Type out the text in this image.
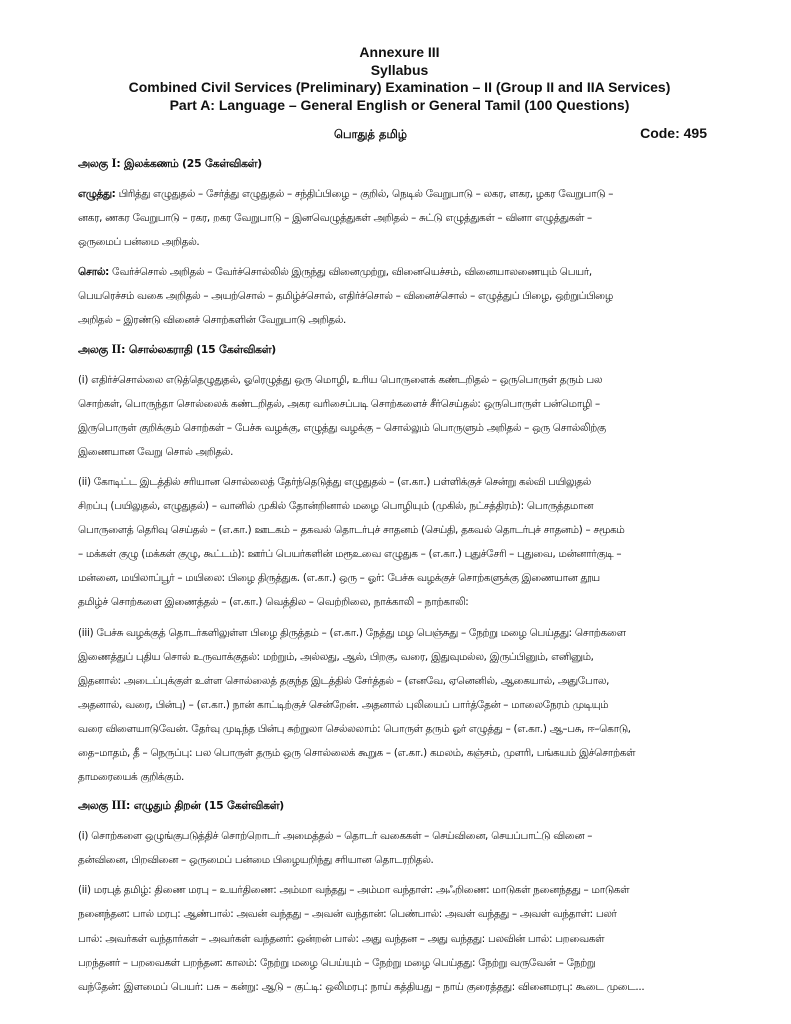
Annexure III
Syllabus
Combined Civil Services (Preliminary) Examination – II (Group II and IIA Services)
Part A: Language – General English or General Tamil (100 Questions)
பொதுத் தமிழ்	Code: 495
அலகு I: இலக்கணம் (25 கேள்விகள்)
எழுத்து: பிரித்து எழுதுதல் – சேர்த்து எழுதுதல் – சந்திப்பிழை – குறில், நெடில் வேறுபாடு – லகர, ளகர, ழகர வேறுபாடு –
னகர, ணகர வேறுபாடு – ரகர, றகர வேறுபாடு – இனவெழுத்துகள் அறிதல் – சுட்டு எழுத்துகள் – வினா எழுத்துகள் –
ஒருமைப் பன்மை அறிதல்.
சொல்: வேர்ச்சொல் அறிதல் – வேர்ச்சொல்லில் இருந்து வினைமுற்று, வினையெச்சம், வினையாலணையும் பெயர்,
பெயரெச்சம் வகை அறிதல் – அயற்சொல் – தமிழ்ச்சொல், எதிர்ச்சொல் – வினைச்சொல் – எழுத்துப் பிழை, ஒற்றுப்பிழை
அறிதல் – இரண்டு வினைச் சொற்களின் வேறுபாடு அறிதல்.
அலகு II: சொல்லகராதி (15 கேள்விகள்)
(i) எதிர்ச்சொல்லை எடுத்தெழுதுதல், ஓரெழுத்து ஒரு மொழி, உரிய பொருளைக் கண்டறிதல் – ஒருபொருள் தரும் பல
சொற்கள், பொருந்தா சொல்லைக் கண்டறிதல், அகர வரிசைப்படி சொற்களைச் சீர்செய்தல்: ஒருபொருள் பன்மொழி –
இருபொருள் குறிக்கும் சொற்கள் – பேச்சு வழக்கு, எழுத்து வழக்கு – சொல்லும் பொருளும் அறிதல் – ஒரு சொல்லிற்கு
இணையான வேறு சொல் அறிதல்.
(ii) கோடிட்ட இடத்தில் சரியான சொல்லைத் தேர்ந்தெடுத்து எழுதுதல் – (எ.கா.) பள்ளிக்குச் சென்று கல்வி பயிலுதல்
சிறப்பு (பயிலுதல், எழுதுதல்) – வானில் முகில் தோன்றினால் மழை பொழியும் (முகில், நட்சத்திரம்): பொருத்தமான
பொருளைத் தெரிவு செய்தல் – (எ.கா.) ஊடகம் – தகவல் தொடர்புச் சாதனம் (செய்தி, தகவல் தொடர்புச் சாதனம்) – சமூகம்
– மக்கள் குழு (மக்கள் குழு, கூட்டம்): ஊர்ப் பெயர்களின் மரூஉவை எழுதுக – (எ.கா.) புதுச்சேரி – புதுவை, மன்னார்குடி –
மன்னை, மயிலாப்பூர் – மயிலை: பிழை திருத்துக. (எ.கா.) ஒரு – ஓர்: பேச்சு வழக்குச் சொற்களுக்கு இணையான தூய
தமிழ்ச் சொற்களை இணைத்தல் – (எ.கா.) வெத்தில – வெற்றிலை, நாக்காலி – நாற்காலி:
(iii) பேச்சு வழக்குத் தொடர்களிலுள்ள பிழை திருத்தம் – (எ.கா.) நேத்து மழ பெஞ்சுது – நேற்று மழை பெய்தது: சொற்களை
இணைத்துப் புதிய சொல் உருவாக்குதல்: மற்றும், அல்லது, ஆல், பிறகு, வரை, இதுவுமல்ல, இருப்பினும், எனினும்,
இதனால்: அடைப்புக்குள் உள்ள சொல்லைத் தகுந்த இடத்தில் சேர்த்தல் – (எனவே, ஏனெனில், ஆகையால், அதுபோல,
அதனால், வரை, பின்பு) – (எ.கா.) நான் காட்டிற்குச் சென்றேன். அதனால் புலியைப் பார்த்தேன் – மாலைநேரம் முடியும்
வரை விளையாடுவேன். தேர்வு முடிந்த பின்பு சுற்றுலா செல்லலாம்: பொருள் தரும் ஓர் எழுத்து – (எ.கா.) ஆ–பசு, ஈ–கொடு,
தை–மாதம், தீ – நெருப்பு: பல பொருள் தரும் ஒரு சொல்லைக் கூறுக – (எ.கா.) கமலம், கஞ்சம், முளரி, பங்கயம் இச்சொற்கள்
தாமரையைக் குறிக்கும்.
அலகு III: எழுதும் திறன் (15 கேள்விகள்)
(i) சொற்களை ஒழுங்குபடுத்திச் சொற்றொடர் அமைத்தல் – தொடர் வகைகள் – செய்வினை, செயப்பாட்டு வினை –
தன்வினை, பிறவினை – ஒருமைப் பன்மை பிழையறிந்து சரியான தொடரறிதல்.
(ii) மரபுத் தமிழ்: திணை மரபு – உயர்திணை: அம்மா வந்தது – அம்மா வந்தாள்: அஃறிணை: மாடுகள் நனைந்தது – மாடுகள்
நனைந்தன: பால் மரபு: ஆண்பால்: அவன் வந்தது – அவன் வந்தான்: பெண்பால்: அவள் வந்தது – அவள் வந்தாள்: பலர்
பால்: அவர்கள் வந்தார்கள் – அவர்கள் வந்தனர்: ஒன்றன் பால்: அது வந்தன – அது வந்தது: பலவின் பால்: பறவைகள்
பறந்தனர் – பறவைகள் பறந்தன: காலம்: நேற்று மழை பெய்யும் – நேற்று மழை பெய்தது: நேற்று வருவேன் – நேற்று
வந்தேன்: இளமைப் பெயர்: பசு – கன்று: ஆடு – குட்டி: ஒலிமரபு: நாய் கத்தியது – நாய் குரைத்தது: வினைமரபு: கூடை முடை...
